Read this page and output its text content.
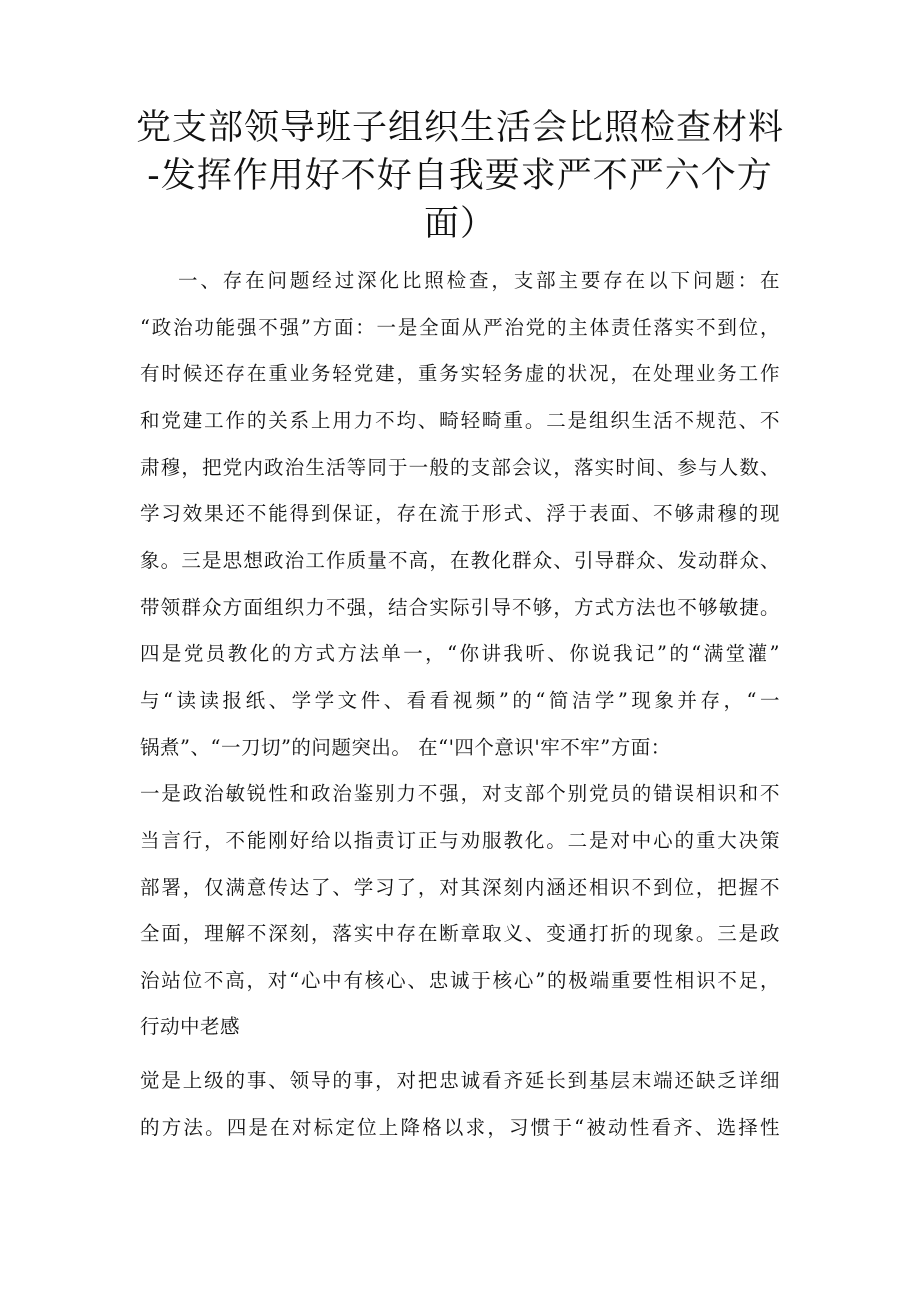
党支部领导班子组织生活会比照检查材料
-发挥作用好不好自我要求严不严六个方
面）
一、存在问题经过深化比照检查，支部主要存在以下问题：在
“政治功能强不强”方面：一是全面从严治党的主体责任落实不到位，
有时候还存在重业务轻党建，重务实轻务虚的状况，在处理业务工作
和党建工作的关系上用力不均、畸轻畸重。二是组织生活不规范、不
肃穆，把党内政治生活等同于一般的支部会议，落实时间、参与人数、
学习效果还不能得到保证，存在流于形式、浮于表面、不够肃穆的现
象。三是思想政治工作质量不高，在教化群众、引导群众、发动群众、
带领群众方面组织力不强，结合实际引导不够，方式方法也不够敏捷。
四是党员教化的方式方法单一，“你讲我听、你说我记”的“满堂灌”
与“读读报纸、学学文件、看看视频”的“简洁学”现象并存，“一
锅煮”、“一刀切”的问题突出。 在“'四个意识'牢不牢”方面：
一是政治敏锐性和政治鉴别力不强，对支部个别党员的错误相识和不
当言行，不能刚好给以指责订正与劝服教化。二是对中心的重大决策
部署，仅满意传达了、学习了，对其深刻内涵还相识不到位，把握不
全面，理解不深刻，落实中存在断章取义、变通打折的现象。三是政
治站位不高，对“心中有核心、忠诚于核心”的极端重要性相识不足，
行动中老感
觉是上级的事、领导的事，对把忠诚看齐延长到基层末端还缺乏详细
的方法。四是在对标定位上降格以求，习惯于“被动性看齐、选择性
